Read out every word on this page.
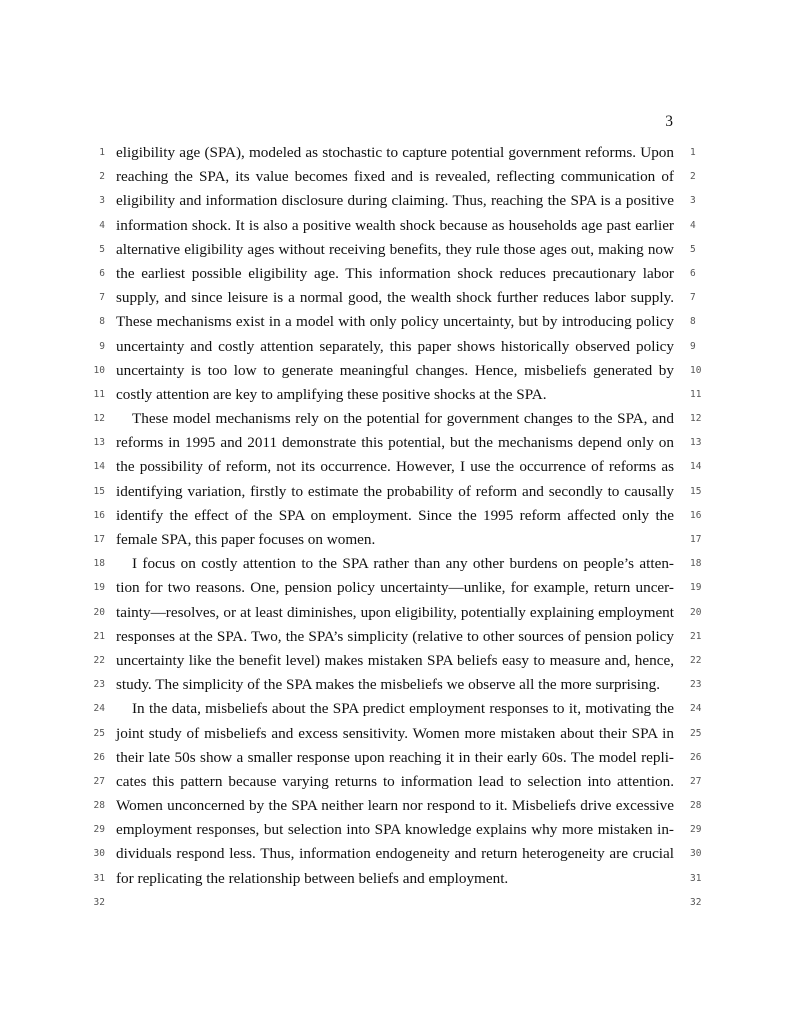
3
1 eligibility age (SPA), modeled as stochastic to capture potential government reforms. Upon 1
2 reaching the SPA, its value becomes fixed and is revealed, reflecting communication of 2
3 eligibility and information disclosure during claiming. Thus, reaching the SPA is a positive 3
4 information shock. It is also a positive wealth shock because as households age past earlier 4
5 alternative eligibility ages without receiving benefits, they rule those ages out, making now 5
6 the earliest possible eligibility age. This information shock reduces precautionary labor 6
7 supply, and since leisure is a normal good, the wealth shock further reduces labor supply. 7
8 These mechanisms exist in a model with only policy uncertainty, but by introducing policy 8
9 uncertainty and costly attention separately, this paper shows historically observed policy 9
10 uncertainty is too low to generate meaningful changes. Hence, misbeliefs generated by 10
11 costly attention are key to amplifying these positive shocks at the SPA.	11
12 These model mechanisms rely on the potential for government changes to the SPA, and 12
13 reforms in 1995 and 2011 demonstrate this potential, but the mechanisms depend only on 13
14 the possibility of reform, not its occurrence. However, I use the occurrence of reforms as 14
15 identifying variation, firstly to estimate the probability of reform and secondly to causally 15
16 identify the effect of the SPA on employment. Since the 1995 reform affected only the 16
17 female SPA, this paper focuses on women.	17
18 I focus on costly attention to the SPA rather than any other burdens on people’s atten- 18
19 tion for two reasons. One, pension policy uncertainty—unlike, for example, return uncer- 19
20 tainty—resolves, or at least diminishes, upon eligibility, potentially explaining employment 20
21 responses at the SPA. Two, the SPA’s simplicity (relative to other sources of pension policy 21
22 uncertainty like the benefit level) makes mistaken SPA beliefs easy to measure and, hence, 22
23 study. The simplicity of the SPA makes the misbeliefs we observe all the more surprising.	23
24 In the data, misbeliefs about the SPA predict employment responses to it, motivating the 24
25 joint study of misbeliefs and excess sensitivity. Women more mistaken about their SPA in 25
26 their late 50s show a smaller response upon reaching it in their early 60s. The model repli- 26
27 cates this pattern because varying returns to information lead to selection into attention. 27
28 Women unconcerned by the SPA neither learn nor respond to it. Misbeliefs drive excessive 28
29 employment responses, but selection into SPA knowledge explains why more mistaken in- 29
30 dividuals respond less. Thus, information endogeneity and return heterogeneity are crucial 30
31 for replicating the relationship between beliefs and employment.	31
32	32
